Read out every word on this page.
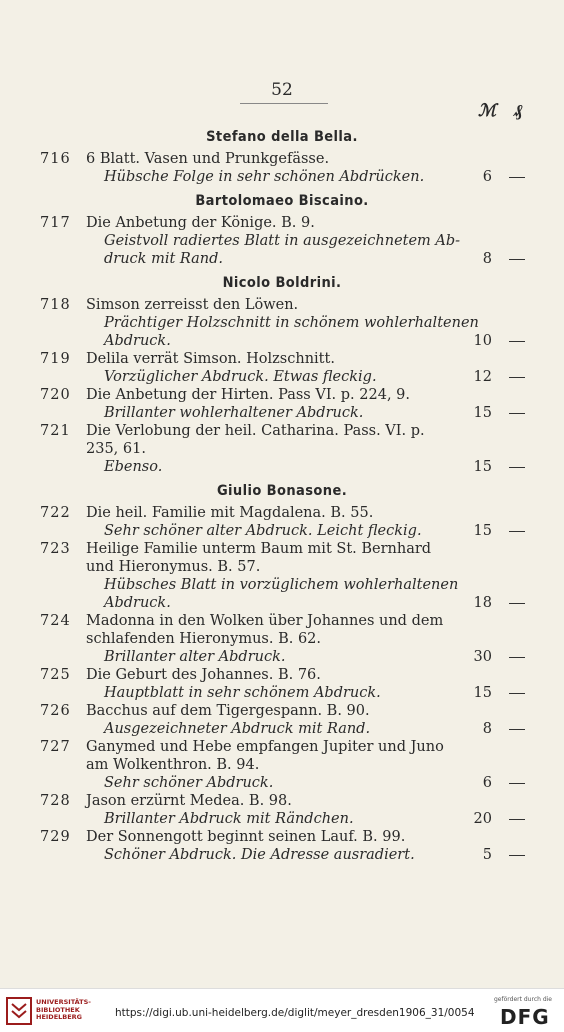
52
ℳ ₰
Stefano della Bella.
716 6 Blatt. Vasen und Prunkgefässe.
Hübsche Folge in sehr schönen Abdrücken.	6
Bartolomaeo Biscaino.
717 Die Anbetung der Könige. B. 9.
Geistvoll radiertes Blatt in ausgezeichnetem Ab-
druck mit Rand.	8
Nicolo Boldrini.
718 Simson zerreisst den Löwen.
Prächtiger Holzschnitt in schönem wohlerhaltenen
Abdruck.	10
719 Delila verrät Simson. Holzschnitt.
Vorzüglicher Abdruck. Etwas fleckig.	12
720 Die Anbetung der Hirten. Pass VI. p. 224, 9.
Brillanter wohlerhaltener Abdruck.	15
721 Die Verlobung der heil. Catharina. Pass. VI. p.
235, 61.
Ebenso.	15
Giulio Bonasone.
722 Die heil. Familie mit Magdalena. B. 55.
Sehr schöner alter Abdruck. Leicht fleckig.	15
723 Heilige Familie unterm Baum mit St. Bernhard
und Hieronymus. B. 57.
Hübsches Blatt in vorzüglichem wohlerhaltenen
Abdruck.	18
724 Madonna in den Wolken über Johannes und dem
schlafenden Hieronymus. B. 62.
Brillanter alter Abdruck.	30
725 Die Geburt des Johannes. B. 76.
Hauptblatt in sehr schönem Abdruck.	15
726 Bacchus auf dem Tigergespann. B. 90.
Ausgezeichneter Abdruck mit Rand.	8
727 Ganymed und Hebe empfangen Jupiter und Juno
am Wolkenthron. B. 94.
Sehr schöner Abdruck.	6
728 Jason erzürnt Medea. B. 98.
Brillanter Abdruck mit Rändchen.	20
729 Der Sonnengott beginnt seinen Lauf. B. 99.
Schöner Abdruck. Die Adresse ausradiert.	5
UNIVERSITÄTS-
BIBLIOTHEK
HEIDELBERG	https://digi.ub.uni-heidelberg.de/diglit/meyer_dresden1906_31/0054
gefördert durch die
DFG
